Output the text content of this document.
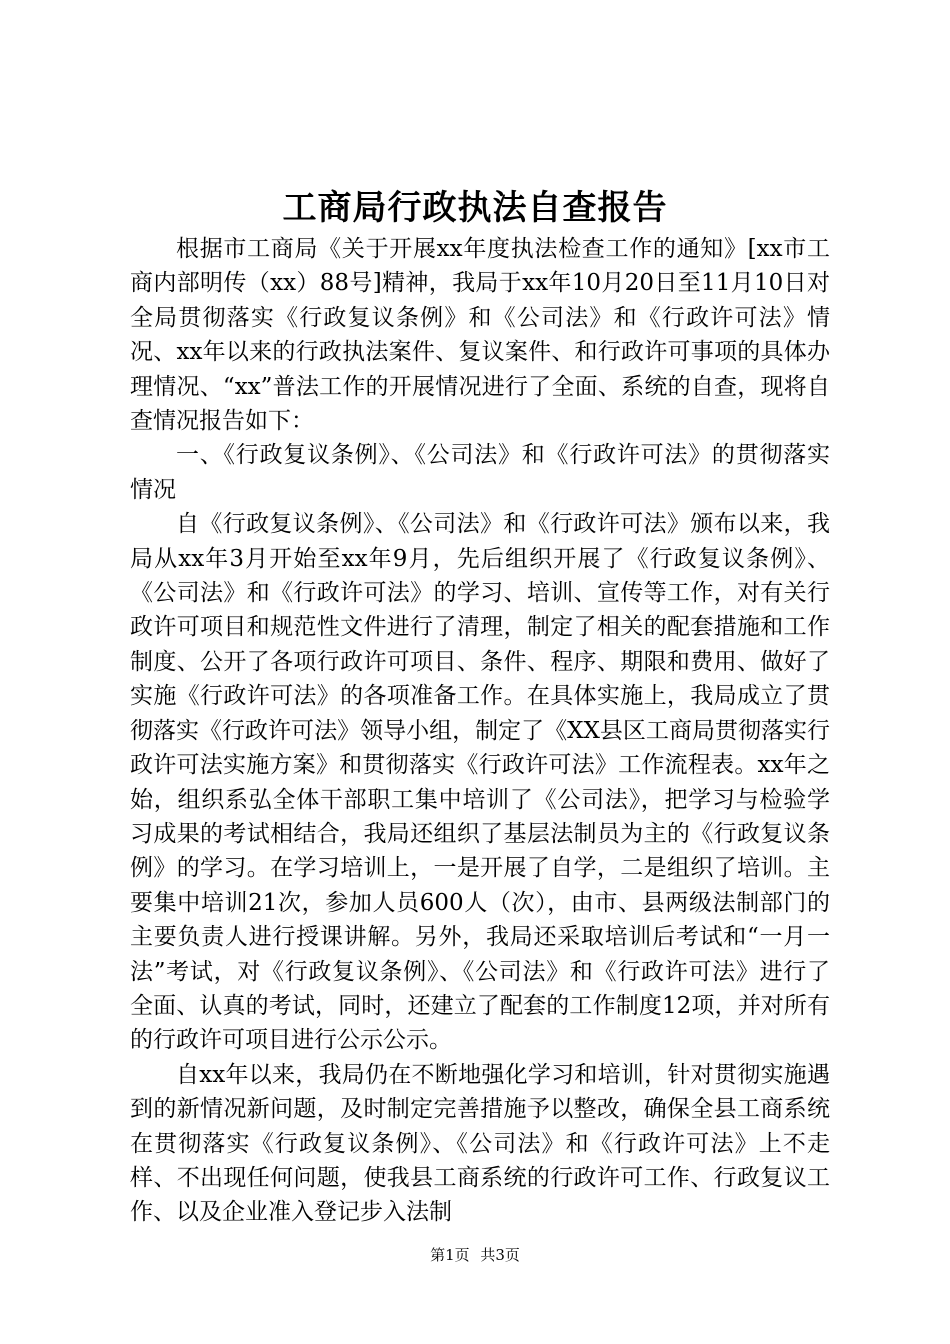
工商局行政执法自查报告

根据市工商局《关于开展xx年度执法检查工作的通知》[xx市工商内部明传（xx）88号]精神，我局于xx年10月20日至11月10日对全局贯彻落实《行政复议条例》和《公司法》和《行政许可法》情况、xx年以来的行政执法案件、复议案件、和行政许可事项的具体办理情况、“xx”普法工作的开展情况进行了全面、系统的自查，现将自查情况报告如下：

一、《行政复议条例》、《公司法》和《行政许可法》的贯彻落实情况

自《行政复议条例》、《公司法》和《行政许可法》颁布以来，我局从xx年3月开始至xx年9月，先后组织开展了《行政复议条例》、《公司法》和《行政许可法》的学习、培训、宣传等工作，对有关行政许可项目和规范性文件进行了清理，制定了相关的配套措施和工作制度、公开了各项行政许可项目、条件、程序、期限和费用、做好了实施《行政许可法》的各项准备工作。在具体实施上，我局成立了贯彻落实《行政许可法》领导小组，制定了《XX县区工商局贯彻落实行政许可法实施方案》和贯彻落实《行政许可法》工作流程表。xx年之始，组织系弘全体干部职工集中培训了《公司法》，把学习与检验学习成果的考试相结合，我局还组织了基层法制员为主的《行政复议条例》的学习。在学习培训上，一是开展了自学，二是组织了培训。主要集中培训21次，参加人员600人（次），由市、县两级法制部门的主要负责人进行授课讲解。另外，我局还采取培训后考试和“一月一法”考试，对《行政复议条例》、《公司法》和《行政许可法》进行了全面、认真的考试，同时，还建立了配套的工作制度12项，并对所有的行政许可项目进行公示公示。

自xx年以来，我局仍在不断地强化学习和培训，针对贯彻实施遇到的新情况新问题，及时制定完善措施予以整改，确保全县工商系统在贯彻落实《行政复议条例》、《公司法》和《行政许可法》上不走样、不出现任何问题，使我县工商系统的行政许可工作、行政复议工作、以及企业准入登记步入法制

第1页 共3页
